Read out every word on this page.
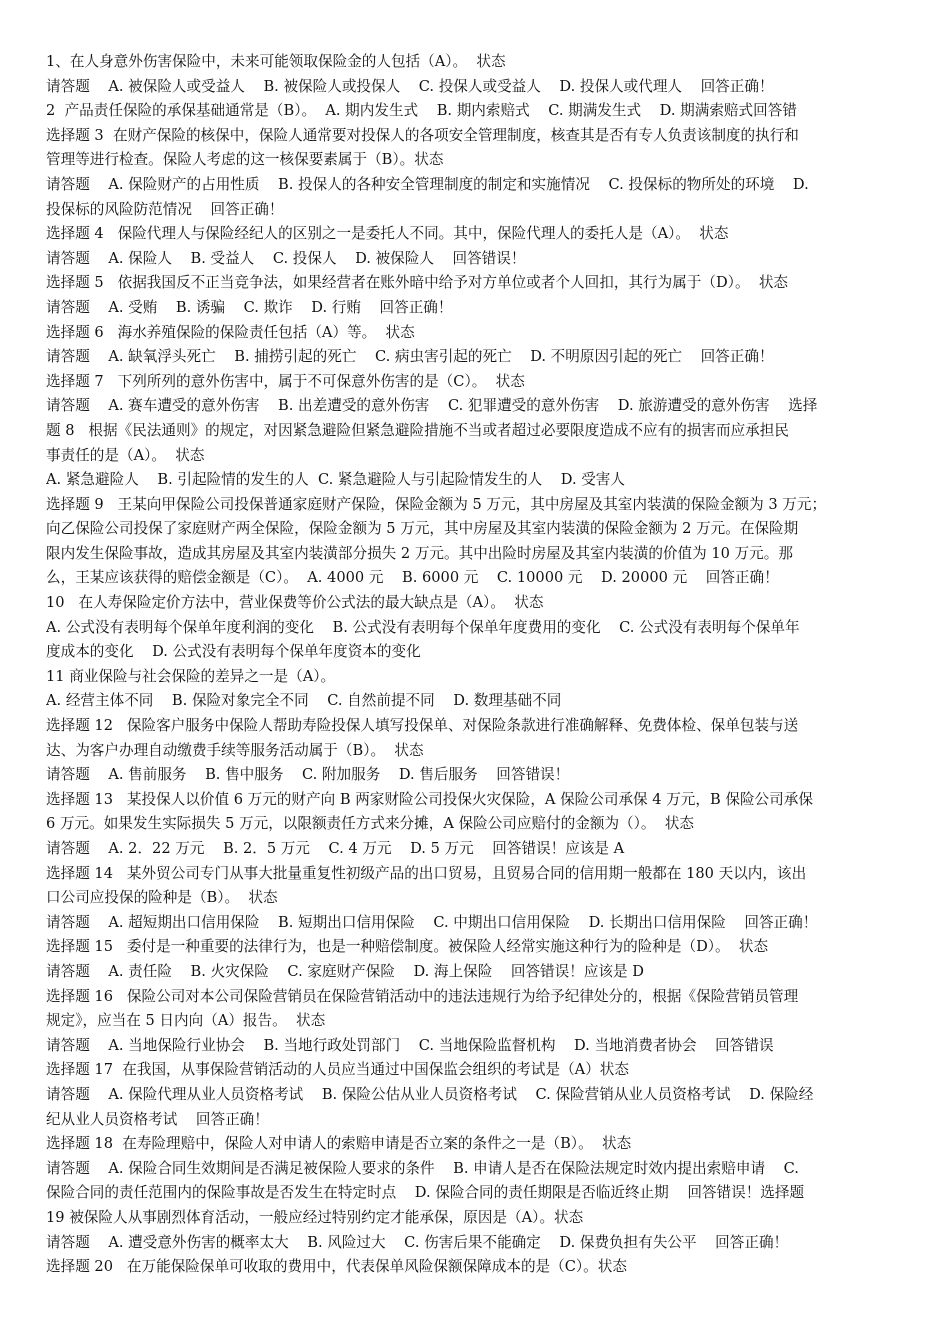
1、在人身意外伤害保险中，未来可能领取保险金的人包括（A）。  状态
请答题    A. 被保险人或受益人    B. 被保险人或投保人    C. 投保人或受益人    D. 投保人或代理人    回答正确！
2  产品责任保险的承保基础通常是（B）。  A. 期内发生式    B. 期内索赔式    C. 期满发生式    D. 期满索赔式回答错
选择题 3  在财产保险的核保中，保险人通常要对投保人的各项安全管理制度，核查其是否有专人负责该制度的执行和
管理等进行检查。保险人考虑的这一核保要素属于（B）。状态
请答题    A. 保险财产的占用性质    B. 投保人的各种安全管理制度的制定和实施情况    C. 投保标的物所处的环境    D.
投保标的风险防范情况    回答正确！
选择题 4   保险代理人与保险经纪人的区别之一是委托人不同。其中，保险代理人的委托人是（A）。  状态
请答题    A. 保险人    B. 受益人    C. 投保人    D. 被保险人    回答错误！
选择题 5   依据我国反不正当竞争法，如果经营者在账外暗中给予对方单位或者个人回扣，其行为属于（D）。  状态
请答题    A. 受贿    B. 诱骗    C. 欺诈    D. 行贿    回答正确！
选择题 6   海水养殖保险的保险责任包括（A）等。  状态
请答题    A. 缺氧浮头死亡    B. 捕捞引起的死亡    C. 病虫害引起的死亡    D. 不明原因引起的死亡    回答正确！
选择题 7   下列所列的意外伤害中，属于不可保意外伤害的是（C）。  状态
请答题    A. 赛车遭受的意外伤害    B. 出差遭受的意外伤害    C. 犯罪遭受的意外伤害    D. 旅游遭受的意外伤害    选择
题 8   根据《民法通则》的规定，对因紧急避险但紧急避险措施不当或者超过必要限度造成不应有的损害而应承担民
事责任的是（A）。  状态
A. 紧急避险人    B. 引起险情的发生的人  C. 紧急避险人与引起险情发生的人    D. 受害人
选择题 9   王某向甲保险公司投保普通家庭财产保险，保险金额为 5 万元，其中房屋及其室内装潢的保险金额为 3 万元；
向乙保险公司投保了家庭财产两全保险，保险金额为 5 万元，其中房屋及其室内装潢的保险金额为 2 万元。在保险期
限内发生保险事故，造成其房屋及其室内装潢部分损失 2 万元。其中出险时房屋及其室内装潢的价值为 10 万元。那
么，王某应该获得的赔偿金额是（C）。  A. 4000 元    B. 6000 元    C. 10000 元    D. 20000 元    回答正确！
10   在人寿保险定价方法中，营业保费等价公式法的最大缺点是（A）。  状态
A. 公式没有表明每个保单年度利润的变化    B. 公式没有表明每个保单年度费用的变化    C. 公式没有表明每个保单年
度成本的变化    D. 公式没有表明每个保单年度资本的变化
11 商业保险与社会保险的差异之一是（A）。
A. 经营主体不同    B. 保险对象完全不同    C. 自然前提不同    D. 数理基础不同
选择题 12   保险客户服务中保险人帮助寿险投保人填写投保单、对保险条款进行准确解释、免费体检、保单包装与送
达、为客户办理自动缴费手续等服务活动属于（B）。  状态
请答题    A. 售前服务    B. 售中服务    C. 附加服务    D. 售后服务    回答错误！
选择题 13   某投保人以价值 6 万元的财产向 B 两家财险公司投保火灾保险，A 保险公司承保 4 万元，B 保险公司承保
6 万元。如果发生实际损失 5 万元，以限额责任方式来分摊，A 保险公司应赔付的金额为（）。  状态
请答题    A. 2．22 万元    B. 2．5 万元    C. 4 万元    D. 5 万元    回答错误！应该是 A
选择题 14   某外贸公司专门从事大批量重复性初级产品的出口贸易，且贸易合同的信用期一般都在 180 天以内，该出
口公司应投保的险种是（B）。  状态
请答题    A. 超短期出口信用保险    B. 短期出口信用保险    C. 中期出口信用保险    D. 长期出口信用保险    回答正确！
选择题 15   委付是一种重要的法律行为，也是一种赔偿制度。被保险人经常实施这种行为的险种是（D）。  状态
请答题    A. 责任险    B. 火灾保险    C. 家庭财产保险    D. 海上保险    回答错误！应该是 D
选择题 16   保险公司对本公司保险营销员在保险营销活动中的违法违规行为给予纪律处分的，根据《保险营销员管理
规定》，应当在 5 日内向（A）报告。  状态
请答题    A. 当地保险行业协会    B. 当地行政处罚部门    C. 当地保险监督机构    D. 当地消费者协会    回答错误
选择题 17  在我国，从事保险营销活动的人员应当通过中国保监会组织的考试是（A）状态
请答题    A. 保险代理从业人员资格考试    B. 保险公估从业人员资格考试    C. 保险营销从业人员资格考试    D. 保险经
纪从业人员资格考试    回答正确！
选择题 18  在寿险理赔中，保险人对申请人的索赔申请是否立案的条件之一是（B）。  状态
请答题    A. 保险合同生效期间是否满足被保险人要求的条件    B. 申请人是否在保险法规定时效内提出索赔申请    C.
保险合同的责任范围内的保险事故是否发生在特定时点    D. 保险合同的责任期限是否临近终止期    回答错误！选择题
19 被保险人从事剧烈体育活动，一般应经过特别约定才能承保，原因是（A）。状态
请答题    A. 遭受意外伤害的概率太大    B. 风险过大    C. 伤害后果不能确定    D. 保费负担有失公平    回答正确！
选择题 20   在万能保险保单可收取的费用中，代表保单风险保额保障成本的是（C）。状态
